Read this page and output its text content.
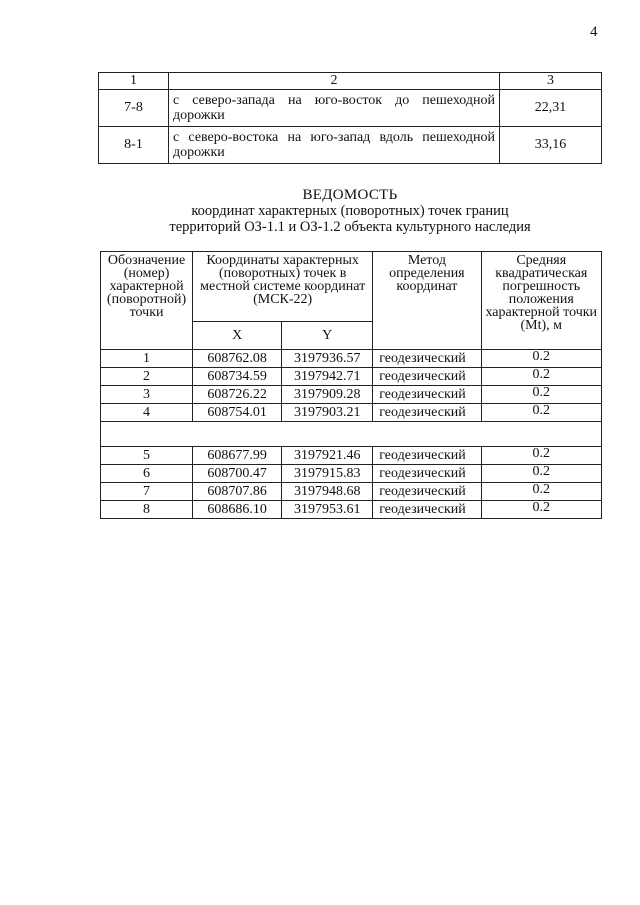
4
1	2	3
7-8	с северо-запада на юго-восток до пешеходной дорожки	22,31
8-1	с северо-востока на юго-запад вдоль пешеходной дорожки	33,16
ВЕДОМОСТЬ
координат характерных (поворотных) точек границ
территорий ОЗ-1.1 и ОЗ-1.2 объекта культурного наследия
Обозначение (номер) характерной (поворотной) точки	Координаты характерных (поворотных) точек в местной системе координат (МСК-22)		Метод определения координат	Средняя квадратическая погрешность положения характерной точки (Mt), м
	X	Y		
1	608762.08	3197936.57	геодезический	0.2
2	608734.59	3197942.71	геодезический	0.2
3	608726.22	3197909.28	геодезический	0.2
4	608754.01	3197903.21	геодезический	0.2

5	608677.99	3197921.46	геодезический	0.2
6	608700.47	3197915.83	геодезический	0.2
7	608707.86	3197948.68	геодезический	0.2
8	608686.10	3197953.61	геодезический	0.2
